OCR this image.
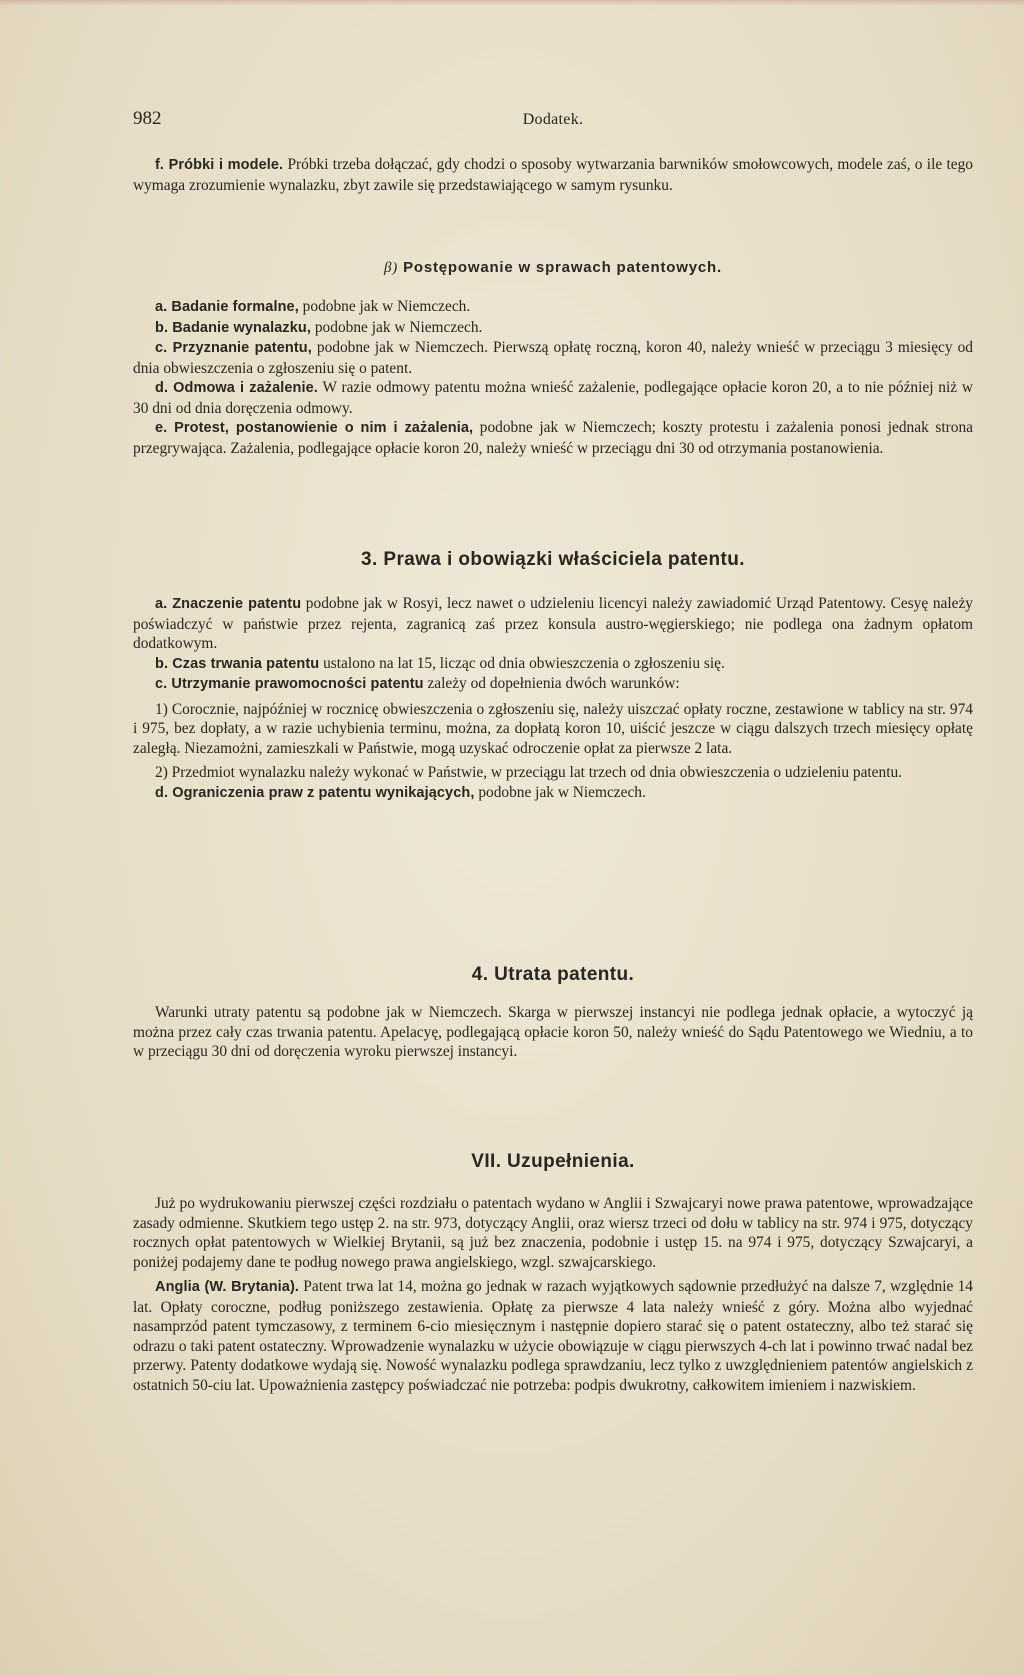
982	Dodatek.

f. Próbki i modele. Próbki trzeba dołączać, gdy chodzi o sposoby wytwarzania barwników smołowcowych, modele zaś, o ile tego wymaga zrozumienie wynalazku, zbyt zawile się przedstawiającego w samym rysunku.

β) Postępowanie w sprawach patentowych.

a. Badanie formalne, podobne jak w Niemczech.

b. Badanie wynalazku, podobne jak w Niemczech.

c. Przyznanie patentu, podobne jak w Niemczech. Pierwszą opłatę roczną, koron 40, należy wnieść w przeciągu 3 miesięcy od dnia obwieszczenia o zgłoszeniu się o patent.

d. Odmowa i zażalenie. W razie odmowy patentu można wnieść zażalenie, podlegające opłacie koron 20, a to nie później niż w 30 dni od dnia doręczenia odmowy.

e. Protest, postanowienie o nim i zażalenia, podobne jak w Niemczech; koszty protestu i zażalenia ponosi jednak strona przegrywająca. Zażalenia, podlegające opłacie koron 20, należy wnieść w przeciągu dni 30 od otrzymania postanowienia.

3. Prawa i obowiązki właściciela patentu.

a. Znaczenie patentu podobne jak w Rosyi, lecz nawet o udzieleniu licencyi należy zawiadomić Urząd Patentowy. Cesyę należy poświadczyć w państwie przez rejenta, zagranicą zaś przez konsula austro-węgierskiego; nie podlega ona żadnym opłatom dodatkowym.

b. Czas trwania patentu ustalono na lat 15, licząc od dnia obwieszczenia o zgłoszeniu się.

c. Utrzymanie prawomocności patentu zależy od dopełnienia dwóch warunków:

1) Corocznie, najpóźniej w rocznicę obwieszczenia o zgłoszeniu się, należy uiszczać opłaty roczne, zestawione w tablicy na str. 974 i 975, bez dopłaty, a w razie uchybienia terminu, można, za dopłatą koron 10, uiścić jeszcze w ciągu dalszych trzech miesięcy opłatę zaległą. Niezamożni, zamieszkali w Państwie, mogą uzyskać odroczenie opłat za pierwsze 2 lata.

2) Przedmiot wynalazku należy wykonać w Państwie, w przeciągu lat trzech od dnia obwieszczenia o udzieleniu patentu.

d. Ograniczenia praw z patentu wynikających, podobne jak w Niemczech.

4. Utrata patentu.

Warunki utraty patentu są podobne jak w Niemczech. Skarga w pierwszej instancyi nie podlega jednak opłacie, a wytoczyć ją można przez cały czas trwania patentu. Apelacyę, podlegającą opłacie koron 50, należy wnieść do Sądu Patentowego we Wiedniu, a to w przeciągu 30 dni od doręczenia wyroku pierwszej instancyi.

VII. Uzupełnienia.

Już po wydrukowaniu pierwszej części rozdziału o patentach wydano w Anglii i Szwajcaryi nowe prawa patentowe, wprowadzające zasady odmienne. Skutkiem tego ustęp 2. na str. 973, dotyczący Anglii, oraz wiersz trzeci od dołu w tablicy na str. 974 i 975, dotyczący rocznych opłat patentowych w Wielkiej Brytanii, są już bez znaczenia, podobnie i ustęp 15. na 974 i 975, dotyczący Szwajcaryi, a poniżej podajemy dane te podług nowego prawa angielskiego, wzgl. szwajcarskiego.

Anglia (W. Brytania). Patent trwa lat 14, można go jednak w razach wyjątkowych sądownie przedłużyć na dalsze 7, względnie 14 lat. Opłaty coroczne, podług poniższego zestawienia. Opłatę za pierwsze 4 lata należy wnieść z góry. Można albo wyjednać nasamprzód patent tymczasowy, z terminem 6-cio miesięcznym i następnie dopiero starać się o patent ostateczny, albo też starać się odrazu o taki patent ostateczny. Wprowadzenie wynalazku w użycie obowiązuje w ciągu pierwszych 4-ch lat i powinno trwać nadal bez przerwy. Patenty dodatkowe wydają się. Nowość wynalazku podlega sprawdzaniu, lecz tylko z uwzględnieniem patentów angielskich z ostatnich 50-ciu lat. Upoważnienia zastępcy poświadczać nie potrzeba: podpis dwukrotny, całkowitem imieniem i nazwiskiem.
